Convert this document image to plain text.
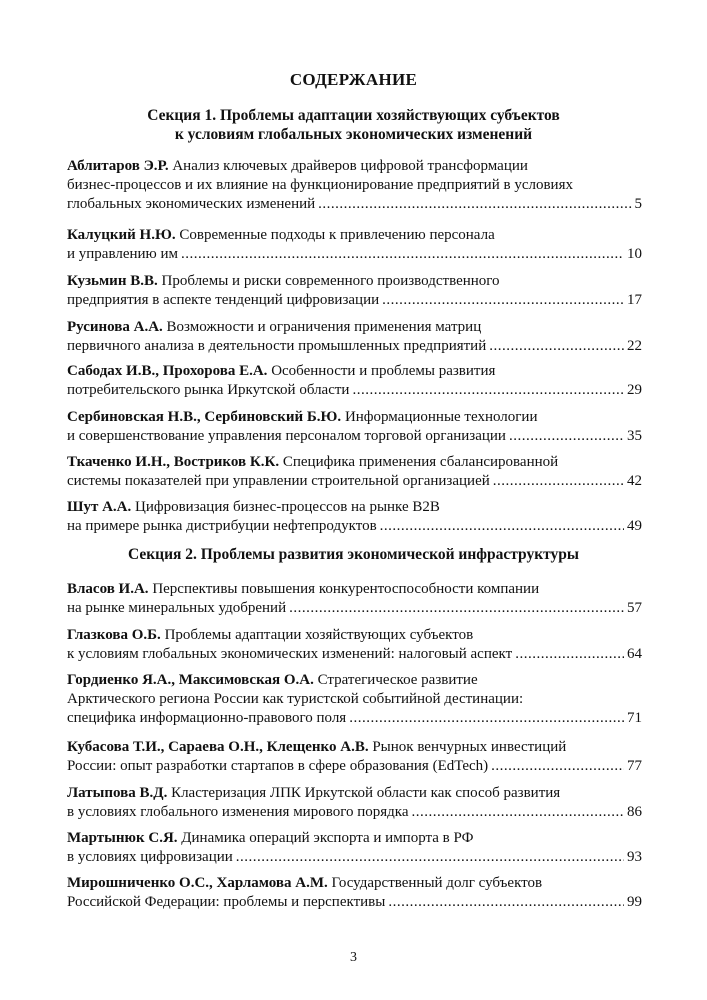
СОДЕРЖАНИЕ
Секция 1. Проблемы адаптации хозяйствующих субъектов
к условиям глобальных экономических изменений
Аблитаров Э.Р. Анализ ключевых драйверов цифровой трансформации
бизнес-процессов и их влияние на функционирование предприятий в условиях
глобальных экономических изменений .....	5
Калуцкий Н.Ю. Современные подходы к привлечению персонала
и управлению им .....	10
Кузьмин В.В. Проблемы и риски современного производственного
предприятия в аспекте тенденций цифровизации .....	17
Русинова А.А. Возможности и ограничения применения матриц
первичного анализа в деятельности промышленных предприятий .....	22
Сабодах И.В., Прохорова Е.А. Особенности и проблемы развития
потребительского рынка Иркутской области .....	29
Сербиновская Н.В., Сербиновский Б.Ю. Информационные технологии
и совершенствование управления персоналом торговой организации .....	35
Ткаченко И.Н., Востриков К.К. Специфика применения сбалансированной
системы показателей при управлении строительной организацией .....	42
Шут А.А. Цифровизация бизнес-процессов на рынке B2B
на примере рынка дистрибуции нефтепродуктов .....	49
Секция 2. Проблемы развития экономической инфраструктуры
Власов И.А. Перспективы повышения конкурентоспособности компании
на рынке минеральных удобрений .....	57
Глазкова О.Б. Проблемы адаптации хозяйствующих субъектов
к условиям глобальных экономических изменений: налоговый аспект .....	64
Гордиенко Я.А., Максимовская О.А. Стратегическое развитие
Арктического региона России как туристской событийной дестинации:
специфика информационно-правового поля .....	71
Кубасова Т.И., Сараева О.Н., Клещенко А.В. Рынок венчурных инвестиций
России: опыт разработки стартапов в сфере образования (EdTech) .....	77
Латыпова В.Д. Кластеризация ЛПК Иркутской области как способ развития
в условиях глобального изменения мирового порядка .....	86
Мартынюк С.Я. Динамика операций экспорта и импорта в РФ
в условиях цифровизации .....	93
Мирошниченко О.С., Харламова А.М. Государственный долг субъектов
Российской Федерации: проблемы и перспективы .....	99
3
